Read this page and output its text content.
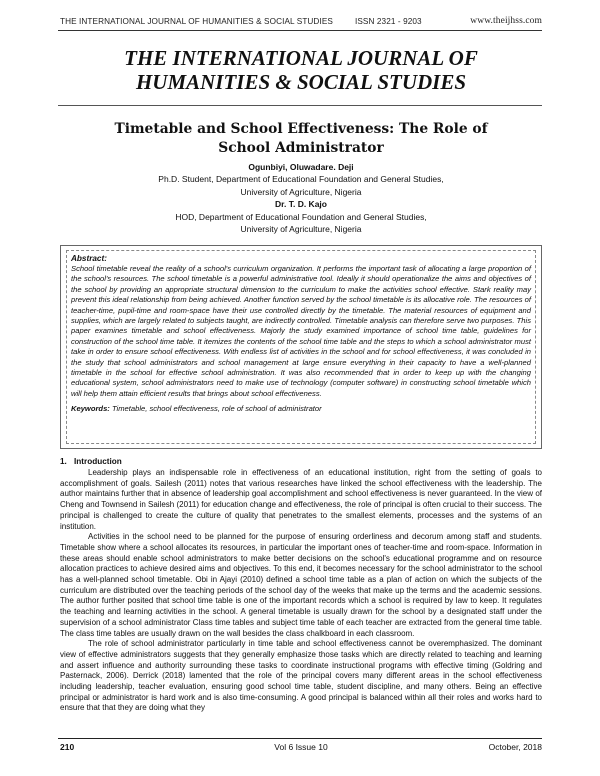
THE INTERNATIONAL JOURNAL OF HUMANITIES & SOCIAL STUDIES	ISSN 2321 - 9203	www.theijhss.com
THE INTERNATIONAL JOURNAL OF
HUMANITIES & SOCIAL STUDIES
Timetable and School Effectiveness: The Role of
School Administrator
Ogunbiyi, Oluwadare. Deji
Ph.D. Student, Department of Educational Foundation and General Studies,
University of Agriculture, Nigeria
Dr. T. D. Kajo
HOD, Department of Educational Foundation and General Studies,
University of Agriculture, Nigeria
Abstract:

School timetable reveal the reality of a school's curriculum organization. It performs the important task of allocating a large proportion of the school's resources. The school timetable is a powerful administrative tool. Ideally it should operationalize the aims and objectives of the school by providing an appropriate structural dimension to the curriculum to make the activities school effective. Stark reality may prevent this ideal relationship from being achieved. Another function served by the school timetable is its allocative role. The resources of teacher-time, pupil-time and room-space have their use controlled directly by the timetable. The material resources of equipment and supplies, which are largely related to subjects taught, are indirectly controlled. Timetable analysis can therefore serve two purposes. This paper examines timetable and school effectiveness. Majorly the study examined importance of school time table, guidelines for construction of the school time table. It itemizes the contents of the school time table and the steps to which a school administrator must take in order to ensure school effectiveness. With endless list of activities in the school and for school effectiveness, it was concluded in the study that school administrators and school management at large ensure everything in their capacity to have a well-planned timetable in the school for effective school administration. It was also recommended that in order to keep up with the changing educational system, school administrators need to make use of technology (computer software) in constructing school timetable which will help them attain efficient results that brings about school effectiveness.

Keywords: Timetable, school effectiveness, role of school of administrator
1. Introduction

Leadership plays an indispensable role in effectiveness of an educational institution, right from the setting of goals to accomplishment of goals. Sailesh (2011) notes that various researches have linked the school effectiveness with the leadership. The author maintains further that in absence of leadership goal accomplishment and school effectiveness is never guaranteed. In the view of Cheng and Townsend in Sailesh (2011) for education change and effectiveness, the role of principal is often crucial to their success. The principal is challenged to create the culture of quality that penetrates to the smallest elements, processes and the systems of an institution.

Activities in the school need to be planned for the purpose of ensuring orderliness and decorum among staff and students. Timetable show where a school allocates its resources, in particular the important ones of teacher-time and room-space. Information in these areas should enable school administrators to make better decisions on the school's educational programme and on resource allocation practices to achieve desired aims and objectives. To this end, it becomes necessary for the school administrator to the school has a well-planned school timetable. Obi in Ajayi (2010) defined a school time table as a plan of action on which the subjects of the curriculum are distributed over the teaching periods of the school day of the weeks that make up the terms and the academic sessions. The author further posited that school time table is one of the important records which a school is required by law to keep. It regulates the teaching and learning activities in the school. A general timetable is usually drawn for the school by a designated staff under the supervision of a school administrator Class time tables and subject time table of each teacher are extracted from the general time table. The class time tables are usually drawn on the wall besides the class chalkboard in each classroom.

The role of school administrator particularly in time table and school effectiveness cannot be overemphasized. The dominant view of effective administrators suggests that they generally emphasize those tasks which are directly related to teaching and learning and assert influence and authority surrounding these tasks to coordinate instructional programs with effective timing (Goldring and Pasternack, 2006). Derrick (2018) lamented that the role of the principal covers many different areas in the school effectiveness including leadership, teacher evaluation, ensuring good school time table, student discipline, and many others. Being an effective principal or administrator is hard work and is also time-consuming. A good principal is balanced within all their roles and works hard to ensure that that they are doing what they

210	Vol 6 Issue 10	October, 2018
